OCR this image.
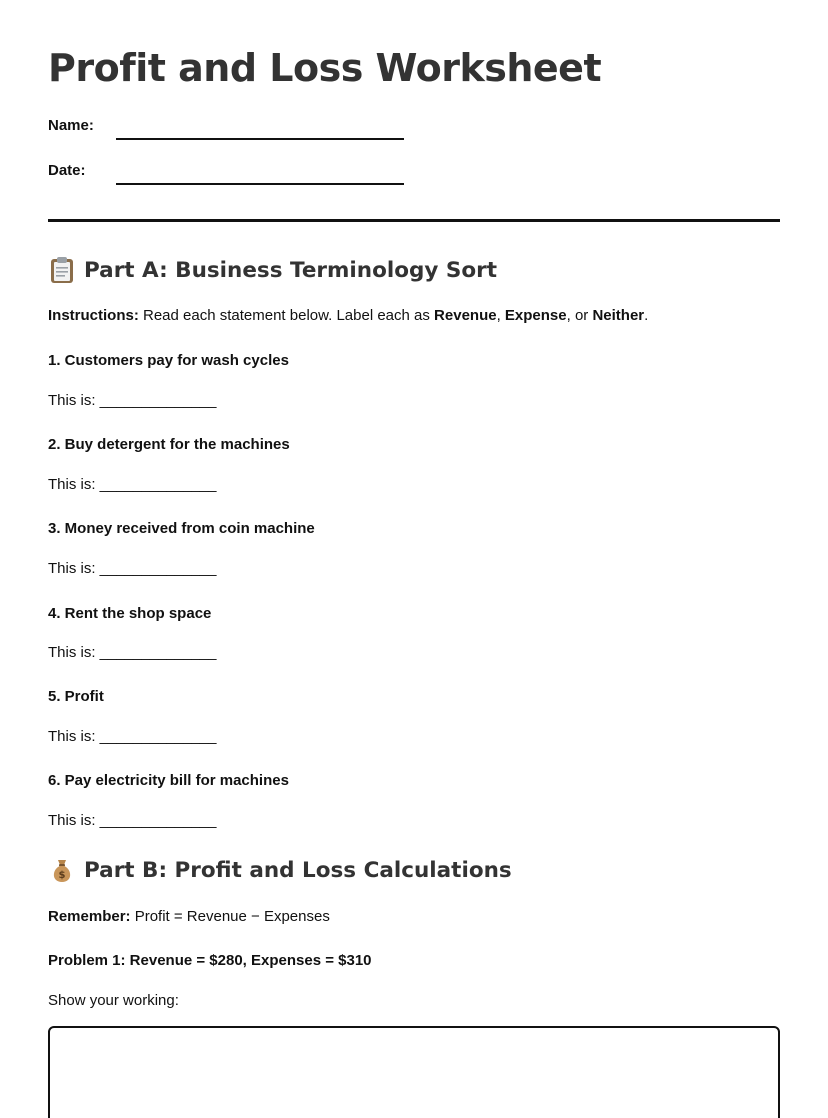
Profit and Loss Worksheet
Name:
Date:
Part A: Business Terminology Sort

Instructions: Read each statement below. Label each as Revenue, Expense, or Neither.

1. Customers pay for wash cycles

This is: ______________

2. Buy detergent for the machines

This is: ______________

3. Money received from coin machine

This is: ______________

4. Rent the shop space

This is: ______________

5. Profit

This is: ______________

6. Pay electricity bill for machines

This is: ______________

$ Part B: Profit and Loss Calculations

Remember: Profit = Revenue − Expenses

Problem 1: Revenue = $280, Expenses = $310

Show your working:
